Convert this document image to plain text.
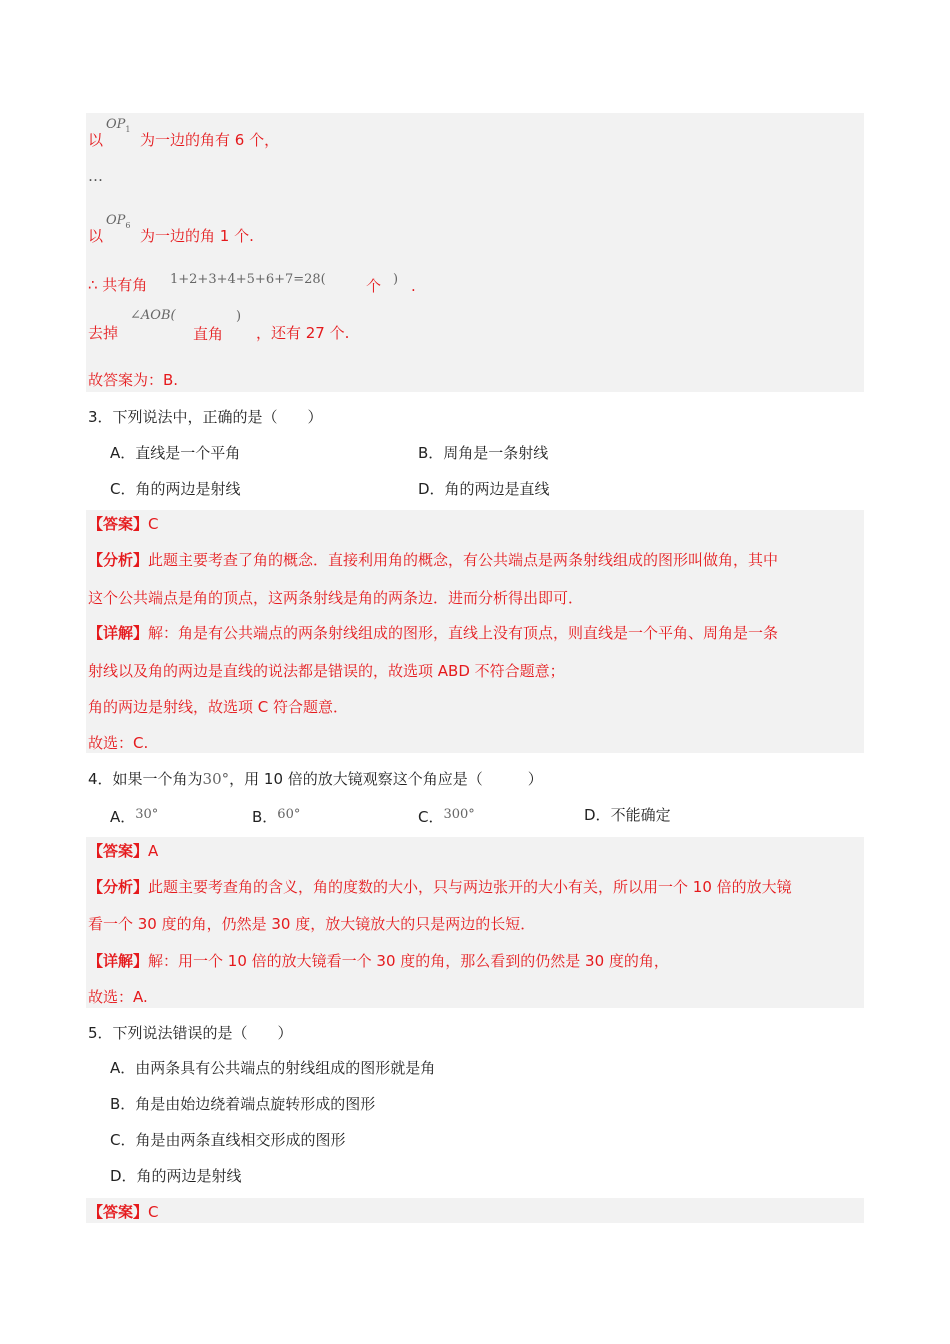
以
$OP_1$
为一边的角有 6 个，
…
以
$OP_6$
为一边的角 1 个.
∴ 共有角 1+2+3+4+5+6+7=28(	个 ) .
去掉
∠AOB(
直角
)
，还有 27 个.
故答案为：B.
3．下列说法中，正确的是（　　）
A．直线是一个平角	B．周角是一条射线
C．角的两边是射线	D．角的两边是直线
【答案】C
【分析】此题主要考查了角的概念．直接利用角的概念，有公共端点是两条射线组成的图形叫做角，其中
这个公共端点是角的顶点，这两条射线是角的两条边．进而分析得出即可．
【详解】解：角是有公共端点的两条射线组成的图形，直线上没有顶点，则直线是一个平角、周角是一条
射线以及角的两边是直线的说法都是错误的，故选项 ABD 不符合题意；
角的两边是射线，故选项 C 符合题意．
故选：C.
4．如果一个角为30°，用 10 倍的放大镜观察这个角应是（　　　）
A．30°	B．60°	C．300°	D．不能确定
【答案】A
【分析】此题主要考查角的含义，角的度数的大小，只与两边张开的大小有关，所以用一个 10 倍的放大镜
看一个 30 度的角，仍然是 30 度，放大镜放大的只是两边的长短．
【详解】解：用一个 10 倍的放大镜看一个 30 度的角，那么看到的仍然是 30 度的角，
故选：A.
5．下列说法错误的是（　　）
A．由两条具有公共端点的射线组成的图形就是角
B．角是由始边绕着端点旋转形成的图形
C．角是由两条直线相交形成的图形
D．角的两边是射线
【答案】C
